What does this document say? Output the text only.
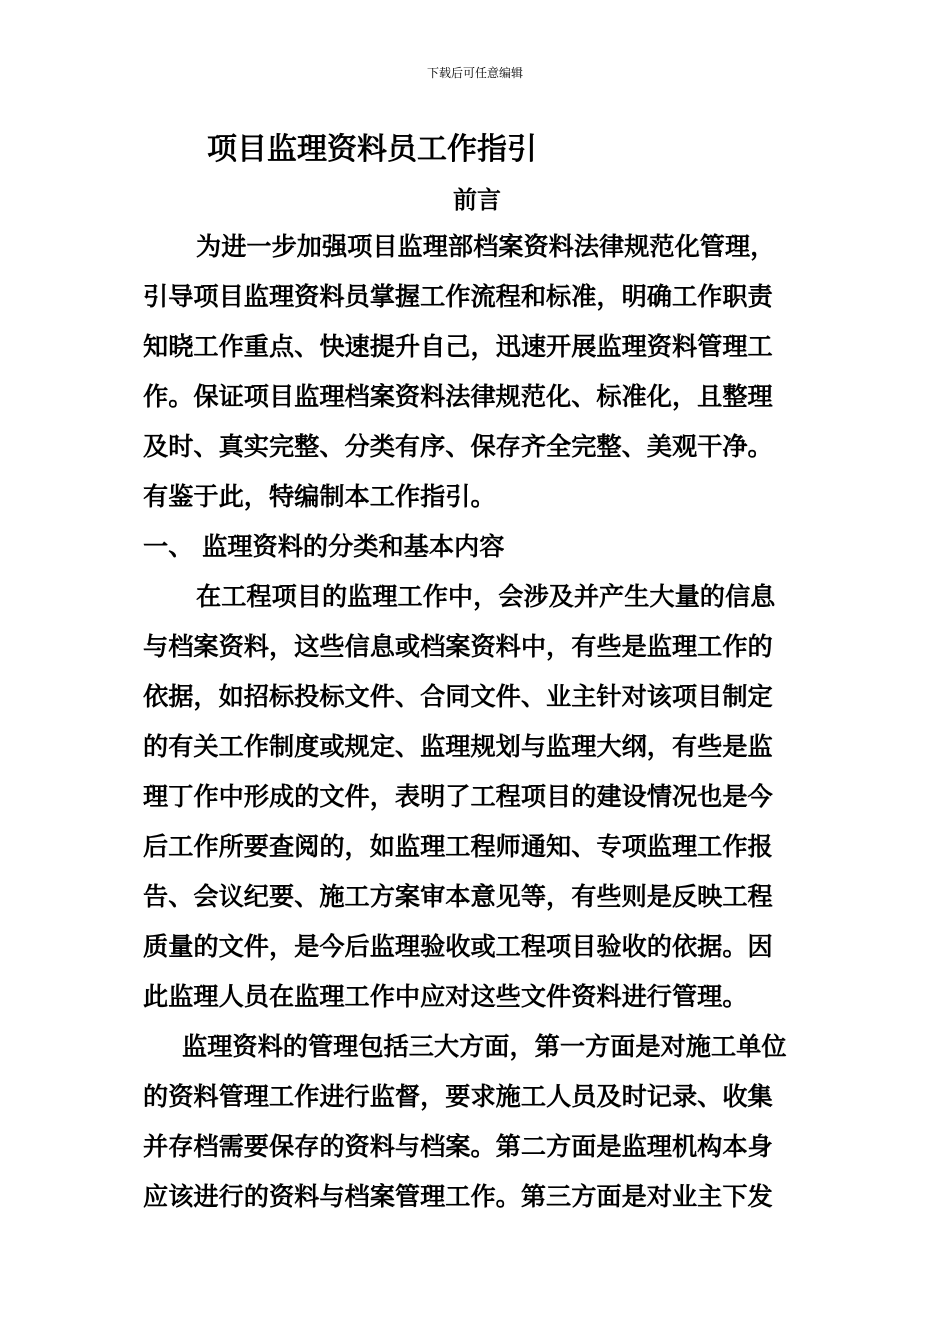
下载后可任意编辑
项目监理资料员工作指引
前言
为进一步加强项目监理部档案资料法律规范化管理，
引导项目监理资料员掌握工作流程和标准，明确工作职责
知晓工作重点、快速提升自己，迅速开展监理资料管理工
作。保证项目监理档案资料法律规范化、标准化，且整理
及时、真实完整、分类有序、保存齐全完整、美观干净。
有鉴于此，特编制本工作指引。
一、 监理资料的分类和基本内容
在工程项目的监理工作中，会涉及并产生大量的信息
与档案资料，这些信息或档案资料中，有些是监理工作的
依据，如招标投标文件、合同文件、业主针对该项目制定
的有关工作制度或规定、监理规划与监理大纲，有些是监
理丁作中形成的文件，表明了工程项目的建设情况也是今
后工作所要查阅的，如监理工程师通知、专项监理工作报
告、会议纪要、施工方案审本意见等，有些则是反映工程
质量的文件，是今后监理验收或工程项目验收的依据。因
此监理人员在监理工作中应对这些文件资料进行管理。
监理资料的管理包括三大方面，第一方面是对施工单位
的资料管理工作进行监督，要求施工人员及时记录、收集
并存档需要保存的资料与档案。第二方面是监理机构本身
应该进行的资料与档案管理工作。第三方面是对业主下发
